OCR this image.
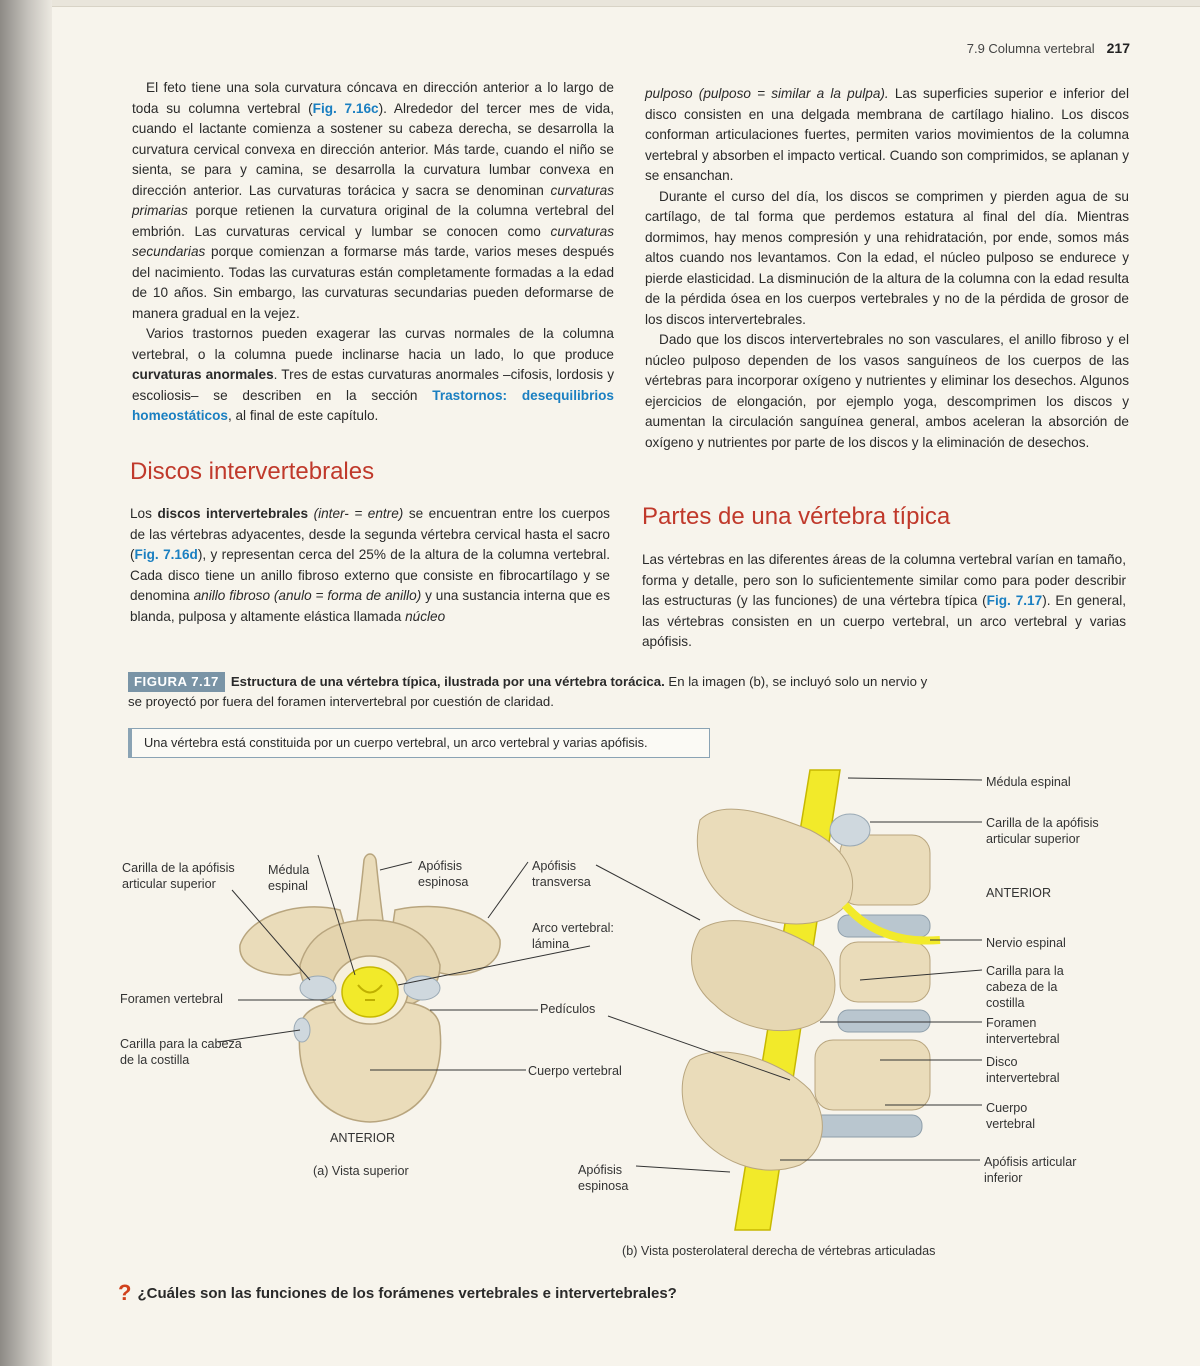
7.9 Columna vertebral 217

El feto tiene una sola curvatura cóncava en dirección anterior a lo largo de toda su columna vertebral (Fig. 7.16c). Alrededor del tercer mes de vida, cuando el lactante comienza a sostener su cabeza derecha, se desarrolla la curvatura cervical convexa en dirección anterior. Más tarde, cuando el niño se sienta, se para y camina, se desarrolla la curvatura lumbar convexa en dirección anterior. Las curvaturas torácica y sacra se denominan curvaturas primarias porque retienen la curvatura original de la columna vertebral del embrión. Las curvaturas cervical y lumbar se conocen como curvaturas secundarias porque comienzan a formarse más tarde, varios meses después del nacimiento. Todas las curvaturas están completamente formadas a la edad de 10 años. Sin embargo, las curvaturas secundarias pueden deformarse de manera gradual en la vejez.

Varios trastornos pueden exagerar las curvas normales de la columna vertebral, o la columna puede inclinarse hacia un lado, lo que produce curvaturas anormales. Tres de estas curvaturas anormales –cifosis, lordosis y escoliosis– se describen en la sección Trastornos: desequilibrios homeostáticos, al final de este capítulo.

Discos intervertebrales

Los discos intervertebrales (inter- = entre) se encuentran entre los cuerpos de las vértebras adyacentes, desde la segunda vértebra cervical hasta el sacro (Fig. 7.16d), y representan cerca del 25% de la altura de la columna vertebral. Cada disco tiene un anillo fibroso externo que consiste en fibrocartílago y se denomina anillo fibroso (anulo = forma de anillo) y una sustancia interna que es blanda, pulposa y altamente elástica llamada núcleo

pulposo (pulposo = similar a la pulpa). Las superficies superior e inferior del disco consisten en una delgada membrana de cartílago hialino. Los discos conforman articulaciones fuertes, permiten varios movimientos de la columna vertebral y absorben el impacto vertical. Cuando son comprimidos, se aplanan y se ensanchan.

Durante el curso del día, los discos se comprimen y pierden agua de su cartílago, de tal forma que perdemos estatura al final del día. Mientras dormimos, hay menos compresión y una rehidratación, por ende, somos más altos cuando nos levantamos. Con la edad, el núcleo pulposo se endurece y pierde elasticidad. La disminución de la altura de la columna con la edad resulta de la pérdida ósea en los cuerpos vertebrales y no de la pérdida de grosor de los discos intervertebrales.

Dado que los discos intervertebrales no son vasculares, el anillo fibroso y el núcleo pulposo dependen de los vasos sanguíneos de los cuerpos de las vértebras para incorporar oxígeno y nutrientes y eliminar los desechos. Algunos ejercicios de elongación, por ejemplo yoga, descomprimen los discos y aumentan la circulación sanguínea general, ambos aceleran la absorción de oxígeno y nutrientes por parte de los discos y la eliminación de desechos.

Partes de una vértebra típica

Las vértebras en las diferentes áreas de la columna vertebral varían en tamaño, forma y detalle, pero son lo suficientemente similar como para poder describir las estructuras (y las funciones) de una vértebra típica (Fig. 7.17). En general, las vértebras consisten en un cuerpo vertebral, un arco vertebral y varias apófisis.

FIGURA 7.17 Estructura de una vértebra típica, ilustrada por una vértebra torácica. En la imagen (b), se incluyó solo un nervio y se proyectó por fuera del foramen intervertebral por cuestión de claridad.
Una vértebra está constituida por un cuerpo vertebral, un arco vertebral y varias apófisis.
Carilla de la apófisis articular superior
Médula espinal
Apófisis espinosa
Apófisis transversa
Arco vertebral: lámina
Foramen vertebral
Pedículos
Carilla para la cabeza de la costilla
Cuerpo vertebral
ANTERIOR
(a) Vista superior
Médula espinal
Carilla de la apófisis articular superior
ANTERIOR
Nervio espinal
Carilla para la cabeza de la costilla
Foramen intervertebral
Disco intervertebral
Cuerpo vertebral
Apófisis articular inferior
Apófisis espinosa
(b) Vista posterolateral derecha de vértebras articuladas
? ¿Cuáles son las funciones de los forámenes vertebrales e intervertebrales?
